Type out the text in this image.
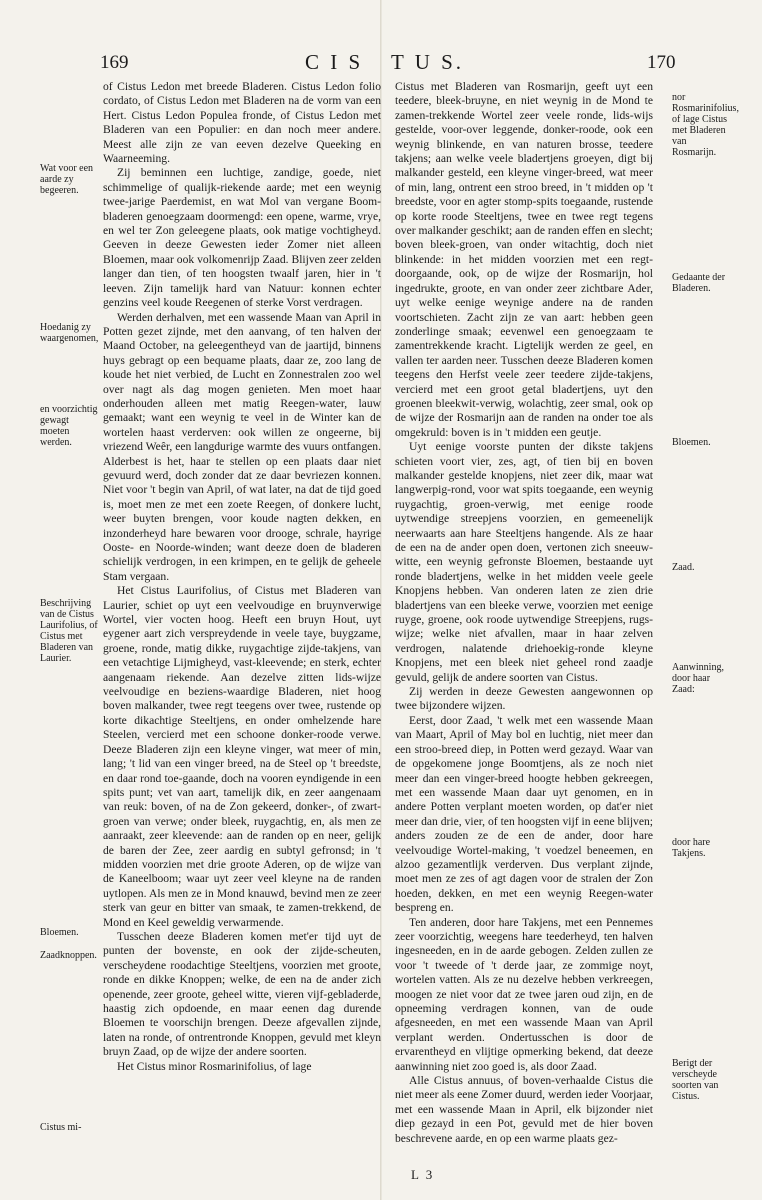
169	C I S
Wat voor een aarde zy begeeren.
Hoedanig zy waargenomen,
en voorzichtig gewagt moeten werden.
Beschrijving van de Cistus Laurifolius, of Cistus met Bladeren van Laurier.
Bloemen.
Zaadknoppen.
Cistus mi-

of Cistus Ledon met breede Bladeren. Cistus Ledon folio cordato, of Cistus Ledon met Bladeren na de vorm van een Hert. Cistus Ledon Populea fronde, of Cistus Ledon met Bladeren van een Populier: en dan noch meer andere. Meest alle zijn ze van eeven dezelve Queeking en Waarneeming.

Zij beminnen een luchtige, zandige, goede, niet schimmelige of qualijk-riekende aarde; met een weynig twee-jarige Paerdemist, en wat Mol van vergane Boom-bladeren genoegzaam doormengd: een opene, warme, vrye, en wel ter Zon geleegene plaats, ook matige vochtigheyd. Geeven in deeze Gewesten ieder Zomer niet alleen Bloemen, maar ook volkomenrijp Zaad. Blijven zeer zelden langer dan tien, of ten hoogsten twaalf jaren, hier in 't leeven. Zijn tamelijk hard van Natuur: konnen echter genzins veel koude Reegenen of sterke Vorst verdragen.

Werden derhalven, met een wassende Maan van April in Potten gezet zijnde, met den aanvang, of ten halven der Maand October, na geleegentheyd van de jaartijd, binnens huys gebragt op een bequame plaats, daar ze, zoo lang de koude het niet verbied, de Lucht en Zonnestralen zoo wel over nagt als dag mogen genieten. Men moet haar onderhouden alleen met matig Reegen-water, lauw gemaakt; want een weynig te veel in de Winter kan de wortelen haast verderven: ook willen ze ongeerne, bij vriezend Weêr, een langdurige warmte des vuurs ontfangen. Alderbest is het, haar te stellen op een plaats daar niet gevuurd werd, doch zonder dat ze daar bevriezen konnen. Niet voor 't begin van April, of wat later, na dat de tijd goed is, moet men ze met een zoete Reegen, of donkere lucht, weer buyten brengen, voor koude nagten dekken, en inzonderheyd hare bewaren voor drooge, schrale, hayrige Ooste- en Noorde-winden; want deeze doen de bladeren schielijk verdrogen, in een krimpen, en te gelijk de geheele Stam vergaan.

Het Cistus Laurifolius, of Cistus met Bladeren van Laurier, schiet op uyt een veelvoudige en bruynverwige Wortel, vier vocten hoog. Heeft een bruyn Hout, uyt eygener aart zich verspreydende in veele taye, buygzame, groene, ronde, matig dikke, ruygachtige zijde-takjens, van een vetachtige Lijmigheyd, vast-kleevende; en sterk, echter aangenaam riekende. Aan dezelve zitten lids-wijze veelvoudige en beziens-waardige Bladeren, niet hoog boven malkander, twee regt teegens over twee, rustende op korte dikachtige Steeltjens, en onder omhelzende hare Steelen, vercierd met een schoone donker-roode verwe. Deeze Bladeren zijn een kleyne vinger, wat meer of min, lang; 't lid van een vinger breed, na de Steel op 't breedste, en daar rond toe-gaande, doch na vooren eyndigende in een spits punt; vet van aart, tamelijk dik, en zeer aangenaam van reuk: boven, of na de Zon gekeerd, donker-, of zwart-groen van verwe; onder bleek, ruygachtig, en, als men ze aanraakt, zeer kleevende: aan de randen op en neer, gelijk de baren der Zee, zeer aardig en subtyl gefronsd; in 't midden voorzien met drie groote Aderen, op de wijze van de Kaneelboom; waar uyt zeer veel kleyne na de randen uytlopen. Als men ze in Mond knauwd, bevind men ze zeer sterk van geur en bitter van smaak, te zamen-trekkend, de Mond en Keel geweldig verwarmende.

Tusschen deeze Bladeren komen met'er tijd uyt de punten der bovenste, en ook der zijde-scheuten, verscheydene roodachtige Steeltjens, voorzien met groote, ronde en dikke Knoppen; welke, de een na de ander zich openende, zeer groote, geheel witte, vieren vijf-gebladerde, haastig zich opdoende, en maar eenen dag durende Bloemen te voorschijn brengen. Deeze afgevallen zijnde, laten na ronde, of ontrentronde Knoppen, gevuld met kleyn bruyn Zaad, op de wijze der andere soorten.

Het Cistus minor Rosmarinifolius, of lage

T U S.	170
nor Rosmarinifolius, of lage Cistus met Bladeren van Rosmarijn.
Gedaante der Bladeren.
Bloemen.
Zaad.
Aanwinning, door haar Zaad:
door hare Takjens.
Berigt der verscheyde soorten van Cistus.

Cistus met Bladeren van Rosmarijn, geeft uyt een teedere, bleek-bruyne, en niet weynig in de Mond te zamen-trekkende Wortel zeer veele ronde, lids-wijs gestelde, voor-over leggende, donker-roode, ook een weynig blinkende, en van naturen brosse, teedere takjens; aan welke veele bladertjens groeyen, digt bij malkander gesteld, een kleyne vinger-breed, wat meer of min, lang, ontrent een stroo breed, in 't midden op 't breedste, voor en agter stomp-spits toegaande, rustende op korte roode Steeltjens, twee en twee regt tegens over malkander geschikt; aan de randen effen en slecht; boven bleek-groen, van onder witachtig, doch niet blinkende: in het midden voorzien met een regt-doorgaande, ook, op de wijze der Rosmarijn, hol ingedrukte, groote, en van onder zeer zichtbare Ader, uyt welke eenige weynige andere na de randen voortschieten. Zacht zijn ze van aart: hebben geen zonderlinge smaak; eevenwel een genoegzaam te zamentrekkende kracht. Ligtelijk werden ze geel, en vallen ter aarden neer. Tusschen deeze Bladeren komen teegens den Herfst veele zeer teedere zijde-takjens, vercierd met een groot getal bladertjens, uyt den groenen bleekwit-verwig, wolachtig, zeer smal, ook op de wijze der Rosmarijn aan de randen na onder toe als omgekruld: boven is in 't midden een geutje.

Uyt eenige voorste punten der dikste takjens schieten voort vier, zes, agt, of tien bij en boven malkander gestelde knopjens, niet zeer dik, maar wat langwerpig-rond, voor wat spits toegaande, een weynig ruygachtig, groen-verwig, met eenige roode uytwendige streepjens voorzien, en gemeenelijk neerwaarts aan hare Steeltjens hangende. Als ze haar de een na de ander open doen, vertonen zich sneeuw-witte, een weynig gefronste Bloemen, bestaande uyt ronde bladertjens, welke in het midden veele geele Knopjens hebben. Van onderen laten ze zien drie bladertjens van een bleeke verwe, voorzien met eenige ruyge, groene, ook roode uytwendige Streepjens, rugs-wijze; welke niet afvallen, maar in haar zelven verdrogen, nalatende driehoekig-ronde kleyne Knopjens, met een bleek niet geheel rond zaadje gevuld, gelijk de andere soorten van Cistus.

Zij werden in deeze Gewesten aangewonnen op twee bijzondere wijzen.

Eerst, door Zaad, 't welk met een wassende Maan van Maart, April of May bol en luchtig, niet meer dan een stroo-breed diep, in Potten werd gezayd. Waar van de opgekomene jonge Boomtjens, als ze noch niet meer dan een vinger-breed hoogte hebben gekreegen, met een wassende Maan daar uyt genomen, en in andere Potten verplant moeten worden, op dat'er niet meer dan drie, vier, of ten hoogsten vijf in eene blijven; anders zouden ze de een de ander, door hare veelvoudige Wortel-making, 't voedzel beneemen, en alzoo gezamentlijk verderven. Dus verplant zijnde, moet men ze zes of agt dagen voor de stralen der Zon hoeden, dekken, en met een weynig Reegen-water bespreng en.

Ten anderen, door hare Takjens, met een Pennemes zeer voorzichtig, weegens hare teederheyd, ten halven ingesneeden, en in de aarde gebogen. Zelden zullen ze voor 't tweede of 't derde jaar, ze zommige noyt, wortelen vatten. Als ze nu dezelve hebben verkreegen, moogen ze niet voor dat ze twee jaren oud zijn, en de opneeming verdragen konnen, van de oude afgesneeden, en met een wassende Maan van April verplant werden. Ondertusschen is door de ervarentheyd en vlijtige opmerking bekend, dat deeze aanwinning niet zoo goed is, als door Zaad.

Alle Cistus annuus, of boven-verhaalde Cistus die niet meer als eene Zomer duurd, werden ieder Voorjaar, met een wassende Maan in April, elk bijzonder niet diep gezayd in een Pot, gevuld met de hier boven beschrevene aarde, en op een warme plaats gez-

L 3
